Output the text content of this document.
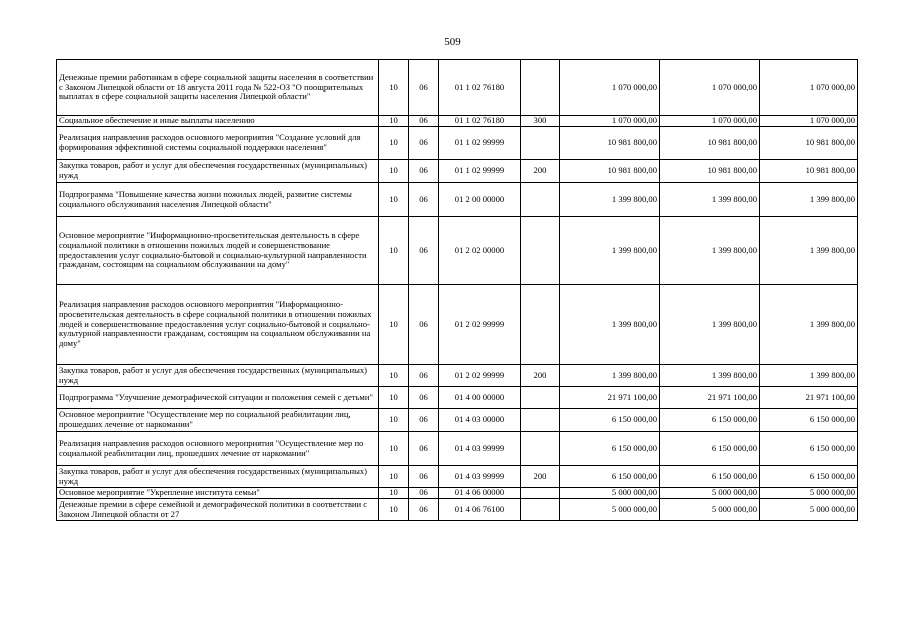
509
Денежные премии работникам в сфере социальной защиты населения в соответствии с Законом Липецкой области от 18 августа 2011 года № 522-ОЗ "О поощрительных выплатах в сфере социальной защиты населения Липецкой области"	10	06	01 1 02 76180		1 070 000,00	1 070 000,00	1 070 000,00
Социальное обеспечение и иные выплаты населению	10	06	01 1 02 76180	300	1 070 000,00	1 070 000,00	1 070 000,00
Реализация направления расходов основного мероприятия "Создание условий для формирования эффективной системы социальной поддержки населения"	10	06	01 1 02 99999		10 981 800,00	10 981 800,00	10 981 800,00
Закупка товаров, работ и услуг для обеспечения государственных (муниципальных) нужд	10	06	01 1 02 99999	200	10 981 800,00	10 981 800,00	10 981 800,00
Подпрограмма "Повышение качества жизни пожилых людей, развитие системы социального обслуживания населения Липецкой области"	10	06	01 2 00 00000		1 399 800,00	1 399 800,00	1 399 800,00
Основное мероприятие "Информационно-просветительская деятельность в сфере социальной политики в отношении пожилых людей и совершенствование предоставления услуг социально-бытовой и социально-культурной направленности гражданам, состоящим на социальном обслуживании на дому"	10	06	01 2 02 00000		1 399 800,00	1 399 800,00	1 399 800,00
Реализация направления расходов основного мероприятия "Информационно-просветительская деятельность в сфере социальной политики в отношении пожилых людей и совершенствование предоставления услуг социально-бытовой и социально-культурной направленности гражданам, состоящим на социальном обслуживании на дому"	10	06	01 2 02 99999		1 399 800,00	1 399 800,00	1 399 800,00
Закупка товаров, работ и услуг для обеспечения государственных (муниципальных) нужд	10	06	01 2 02 99999	200	1 399 800,00	1 399 800,00	1 399 800,00
Подпрограмма "Улучшение демографической ситуации и положения семей с детьми"	10	06	01 4 00 00000		21 971 100,00	21 971 100,00	21 971 100,00
Основное мероприятие "Осуществление мер по социальной реабилитации лиц, прошедших лечение от наркомании"	10	06	01 4 03 00000		6 150 000,00	6 150 000,00	6 150 000,00
Реализация направления расходов основного мероприятия "Осуществление мер по социальной реабилитации лиц, прошедших лечение от наркомании"	10	06	01 4 03 99999		6 150 000,00	6 150 000,00	6 150 000,00
Закупка товаров, работ и услуг для обеспечения государственных (муниципальных) нужд	10	06	01 4 03 99999	200	6 150 000,00	6 150 000,00	6 150 000,00
Основное мероприятие "Укрепление института семьи"	10	06	01 4 06 00000		5 000 000,00	5 000 000,00	5 000 000,00
Денежные премии в сфере семейной и демографической политики в соответствии с Законом Липецкой области от 27	10	06	01 4 06 76100		5 000 000,00	5 000 000,00	5 000 000,00
